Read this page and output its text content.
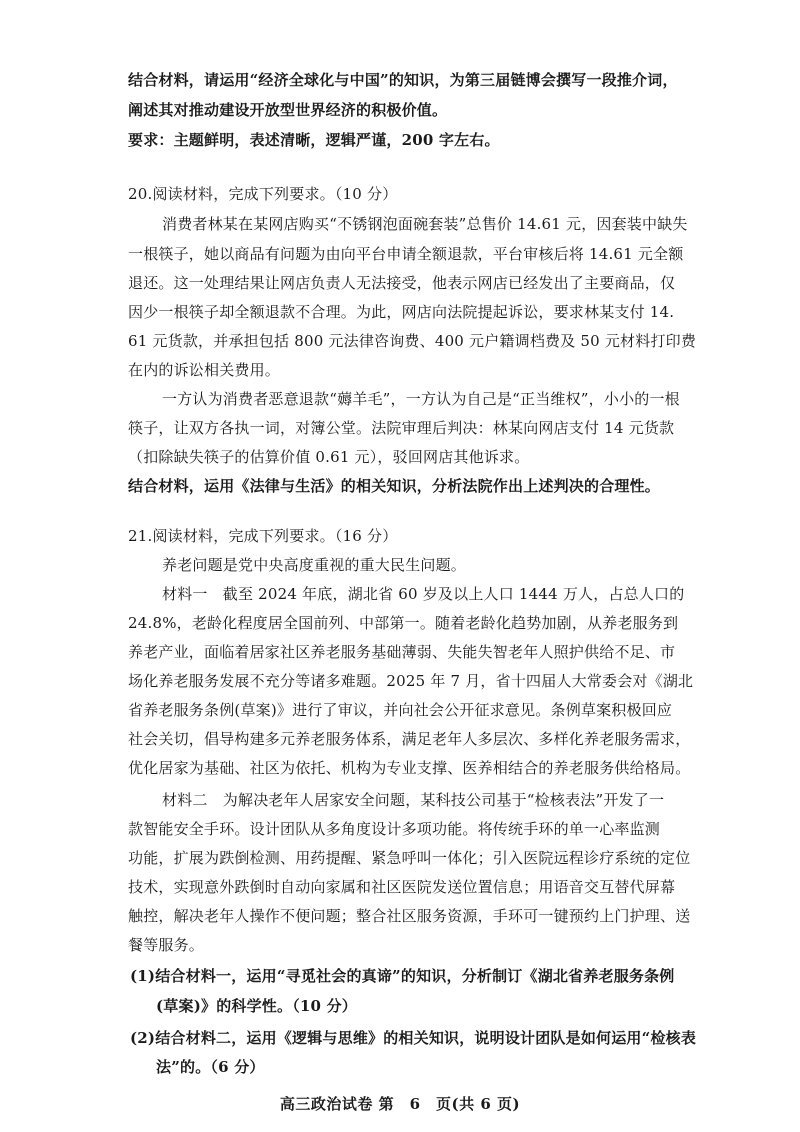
结合材料，请运用“经济全球化与中国”的知识，为第三届链博会撰写一段推介词，
阐述其对推动建设开放型世界经济的积极价值。
要求：主题鲜明，表述清晰，逻辑严谨，200 字左右。
20.阅读材料，完成下列要求。（10 分）
消费者林某在某网店购买“不锈钢泡面碗套装”总售价 14.61 元，因套装中缺失
一根筷子，她以商品有问题为由向平台申请全额退款，平台审核后将 14.61 元全额
退还。这一处理结果让网店负责人无法接受，他表示网店已经发出了主要商品，仅
因少一根筷子却全额退款不合理。为此，网店向法院提起诉讼，要求林某支付 14.
61 元货款，并承担包括 800 元法律咨询费、400 元户籍调档费及 50 元材料打印费
在内的诉讼相关费用。
一方认为消费者恶意退款“薅羊毛”，一方认为自己是“正当维权”，小小的一根
筷子，让双方各执一词，对簿公堂。法院审理后判决：林某向网店支付 14 元货款
（扣除缺失筷子的估算价值 0.61 元），驳回网店其他诉求。
结合材料，运用《法律与生活》的相关知识，分析法院作出上述判决的合理性。
21.阅读材料，完成下列要求。（16 分）
养老问题是党中央高度重视的重大民生问题。
材料一　截至 2024 年底，湖北省 60 岁及以上人口 1444 万人，占总人口的
24.8%，老龄化程度居全国前列、中部第一。随着老龄化趋势加剧，从养老服务到
养老产业，面临着居家社区养老服务基础薄弱、失能失智老年人照护供给不足、市
场化养老服务发展不充分等诸多难题。2025 年 7 月，省十四届人大常委会对《湖北
省养老服务条例(草案)》进行了审议，并向社会公开征求意见。条例草案积极回应
社会关切，倡导构建多元养老服务体系，满足老年人多层次、多样化养老服务需求，
优化居家为基础、社区为依托、机构为专业支撑、医养相结合的养老服务供给格局。
材料二　为解决老年人居家安全问题，某科技公司基于“检核表法”开发了一
款智能安全手环。设计团队从多角度设计多项功能。将传统手环的单一心率监测
功能，扩展为跌倒检测、用药提醒、紧急呼叫一体化；引入医院远程诊疗系统的定位
技术，实现意外跌倒时自动向家属和社区医院发送位置信息；用语音交互替代屏幕
触控，解决老年人操作不便问题；整合社区服务资源，手环可一键预约上门护理、送
餐等服务。
(1)结合材料一，运用“寻觅社会的真谛”的知识，分析制订《湖北省养老服务条例
(草案)》的科学性。（10 分）
(2)结合材料二，运用《逻辑与思维》的相关知识，说明设计团队是如何运用“检核表
法”的。（6 分）
高三政治试卷 第　6　页(共 6 页)
